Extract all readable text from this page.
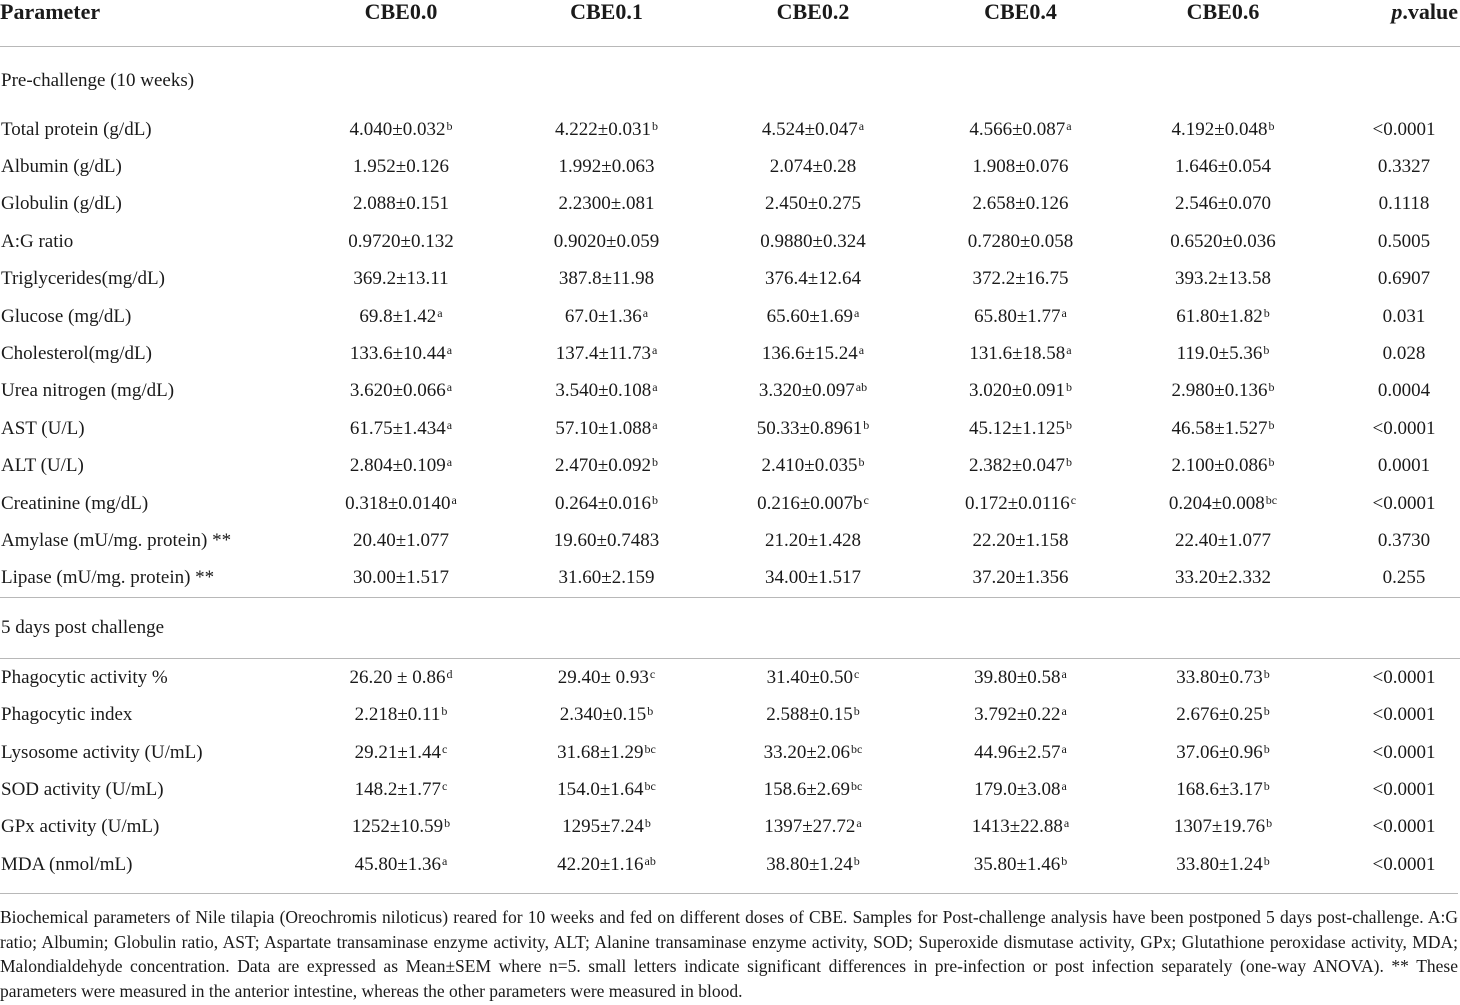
Parameter	CBE0.0	CBE0.1	CBE0.2	CBE0.4	CBE0.6	p.value
Pre-challenge (10 weeks)						
Total protein (g/dL)	4.040±0.032$^b$	4.222±0.031$^b$	4.524±0.047$^a$	4.566±0.087$^a$	4.192±0.048$^b$	<0.0001
Albumin (g/dL)	1.952±0.126	1.992±0.063	2.074±0.28	1.908±0.076	1.646±0.054	0.3327
Globulin (g/dL)	2.088±0.151	2.2300±.081	2.450±0.275	2.658±0.126	2.546±0.070	0.1118
A:G ratio	0.9720±0.132	0.9020±0.059	0.9880±0.324	0.7280±0.058	0.6520±0.036	0.5005
Triglycerides(mg/dL)	369.2±13.11	387.8±11.98	376.4±12.64	372.2±16.75	393.2±13.58	0.6907
Glucose (mg/dL)	69.8±1.42$^a$	67.0±1.36$^a$	65.60±1.69$^a$	65.80±1.77$^a$	61.80±1.82$^b$	0.031
Cholesterol(mg/dL)	133.6±10.44$^a$	137.4±11.73$^a$	136.6±15.24$^a$	131.6±18.58$^a$	119.0±5.36$^b$	0.028
Urea nitrogen (mg/dL)	3.620±0.066$^a$	3.540±0.108$^a$	3.320±0.097$^{ab}$	3.020±0.091$^b$	2.980±0.136$^b$	0.0004
AST (U/L)	61.75±1.434$^a$	57.10±1.088$^a$	50.33±0.8961$^b$	45.12±1.125$^b$	46.58±1.527$^b$	<0.0001
ALT (U/L)	2.804±0.109$^a$	2.470±0.092$^b$	2.410±0.035$^b$	2.382±0.047$^b$	2.100±0.086$^b$	0.0001
Creatinine (mg/dL)	0.318±0.0140$^a$	0.264±0.016$^b$	$0.216\pm 0.007b^c$	0.172±0.0116$^c$	0.204±0.008$^{bc}$	<0.0001
Amylase (mU/mg. protein) **	20.40±1.077	19.60±0.7483	21.20±1.428	22.20±1.158	22.40±1.077	0.3730
Lipase (mU/mg. protein) **	30.00±1.517	31.60±2.159	34.00±1.517	37.20±1.356	33.20±2.332	0.255
5 days post challenge						
Phagocytic activity %	26.20 ± 0.86$^d$	29.40± 0.93$^c$	31.40±0.50$^c$	39.80±0.58$^a$	33.80±0.73$^b$	<0.0001
Phagocytic index	2.218±0.11$^b$	2.340±0.15$^b$	2.588±0.15$^b$	3.792±0.22$^a$	2.676±0.25$^b$	<0.0001
Lysosome activity (U/mL)	29.21±1.44$^c$	31.68±1.29$^{bc}$	33.20±2.06$^{bc}$	44.96±2.57$^a$	37.06±0.96$^b$	<0.0001
SOD activity (U/mL)	148.2±1.77$^c$	154.0±1.64$^{bc}$	158.6±2.69$^{bc}$	179.0±3.08$^a$	168.6±3.17$^b$	<0.0001
GPx activity (U/mL)	1252±10.59$^b$	1295±7.24$^b$	1397±27.72$^a$	1413±22.88$^a$	1307±19.76$^b$	<0.0001
MDA (nmol/mL)	45.80±1.36$^a$	42.20±1.16$^{ab}$	38.80±1.24$^b$	35.80±1.46$^b$	33.80±1.24$^b$	<0.0001
Biochemical parameters of Nile tilapia (Oreochromis niloticus) reared for 10 weeks and fed on different doses of CBE. Samples for Post-challenge analysis have been postponed 5 days post-challenge. A:G ratio; Albumin; Globulin ratio, AST; Aspartate transaminase enzyme activity, ALT; Alanine transaminase enzyme activity, SOD; Superoxide dismutase activity, GPx; Glutathione peroxidase activity, MDA; Malondialdehyde concentration. Data are expressed as Mean±SEM where n=5. small letters indicate significant differences in pre-infection or post infection separately (one-way ANOVA). ** These parameters were measured in the anterior intestine, whereas the other parameters were measured in blood.
